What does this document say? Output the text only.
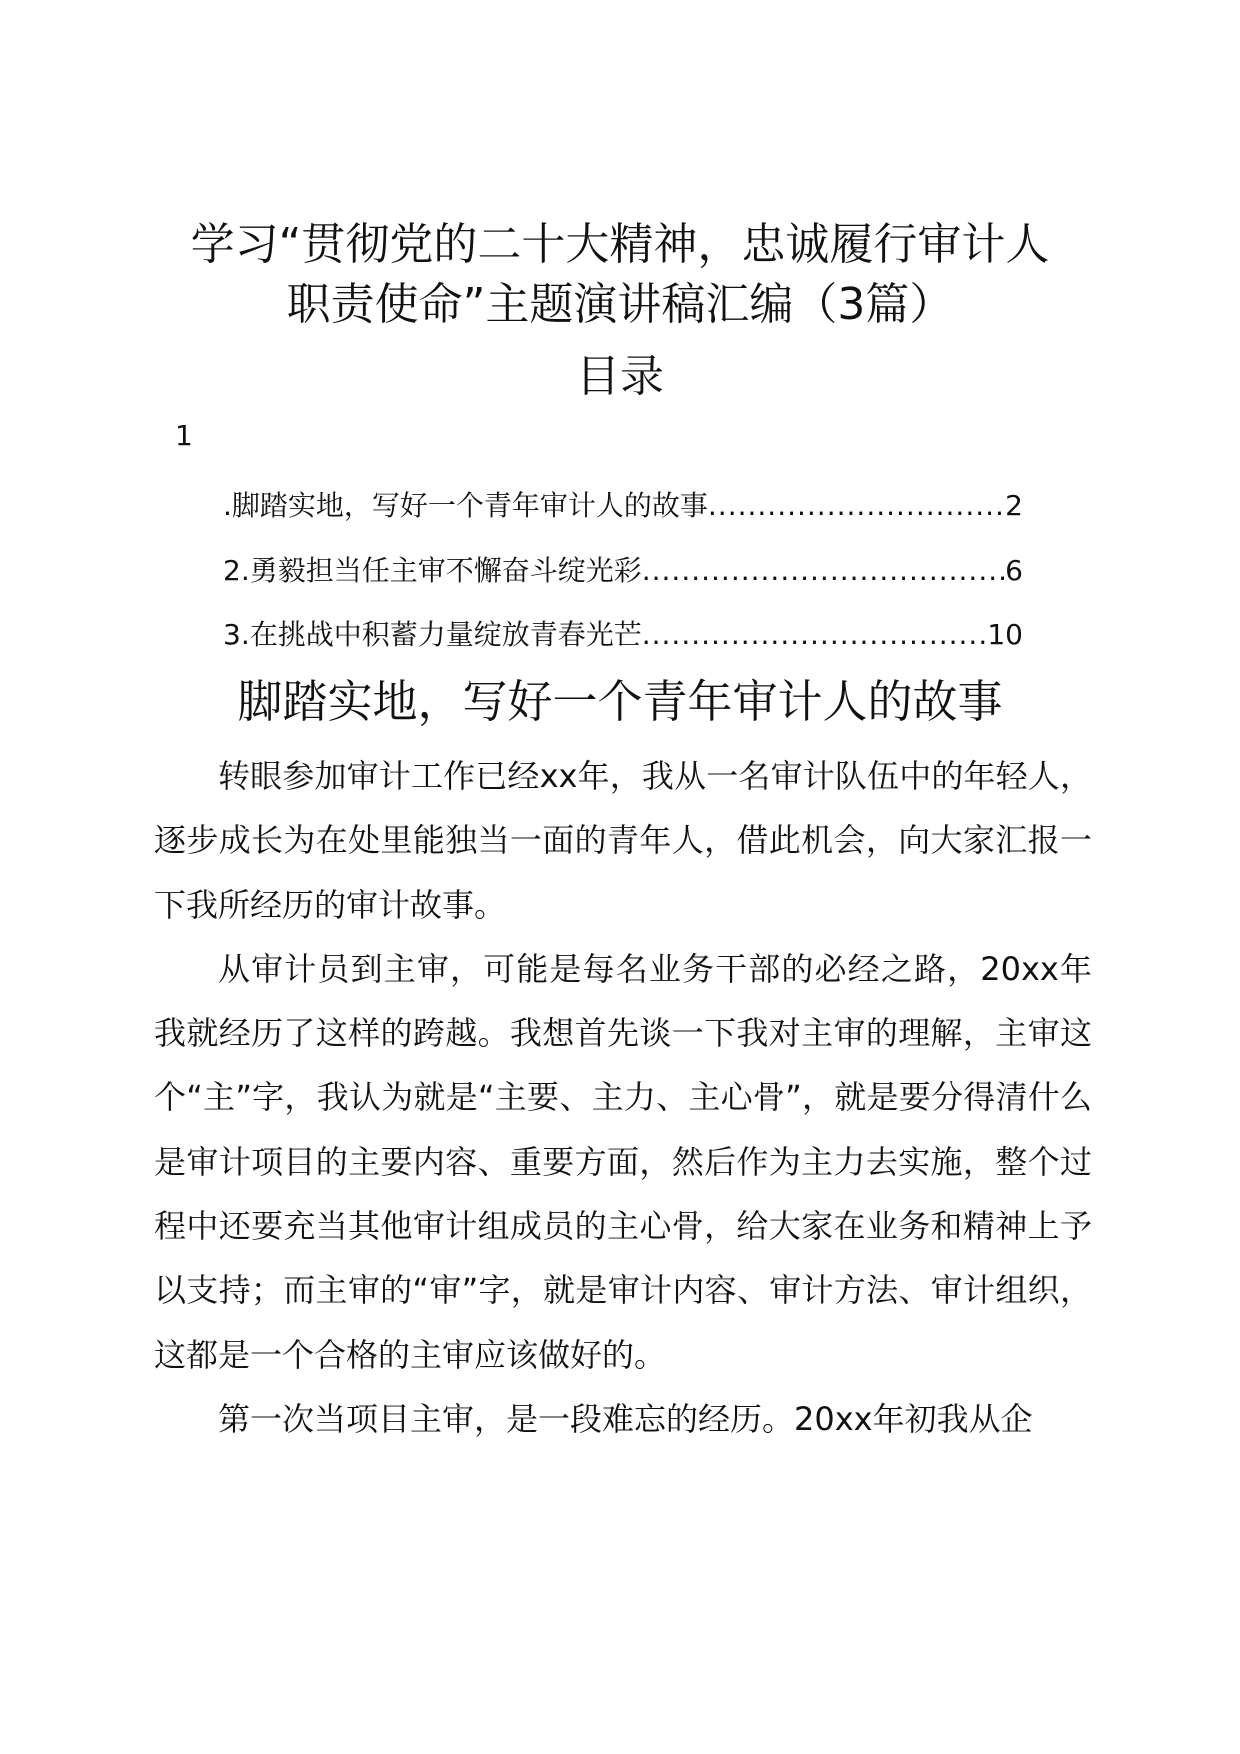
学习“贯彻党的二十大精神，忠诚履行审计人
职责使命”主题演讲稿汇编（3篇）
目录
1
.脚踏实地，写好一个青年审计人的故事 .....	2
2.勇毅担当任主审不懈奋斗绽光彩 .....	6
3.在挑战中积蓄力量绽放青春光芒 .....	10
脚踏实地，写好一个青年审计人的故事

转眼参加审计工作已经xx年，我从一名审计队伍中的年轻人，逐步成长为在处里能独当一面的青年人，借此机会，向大家汇报一下我所经历的审计故事。

从审计员到主审，可能是每名业务干部的必经之路，20xx年我就经历了这样的跨越。我想首先谈一下我对主审的理解，主审这个“主”字，我认为就是“主要、主力、主心骨”，就是要分得清什么是审计项目的主要内容、重要方面，然后作为主力去实施，整个过程中还要充当其他审计组成员的主心骨，给大家在业务和精神上予以支持；而主审的“审”字，就是审计内容、审计方法、审计组织，这都是一个合格的主审应该做好的。

第一次当项目主审，是一段难忘的经历。20xx年初我从企
